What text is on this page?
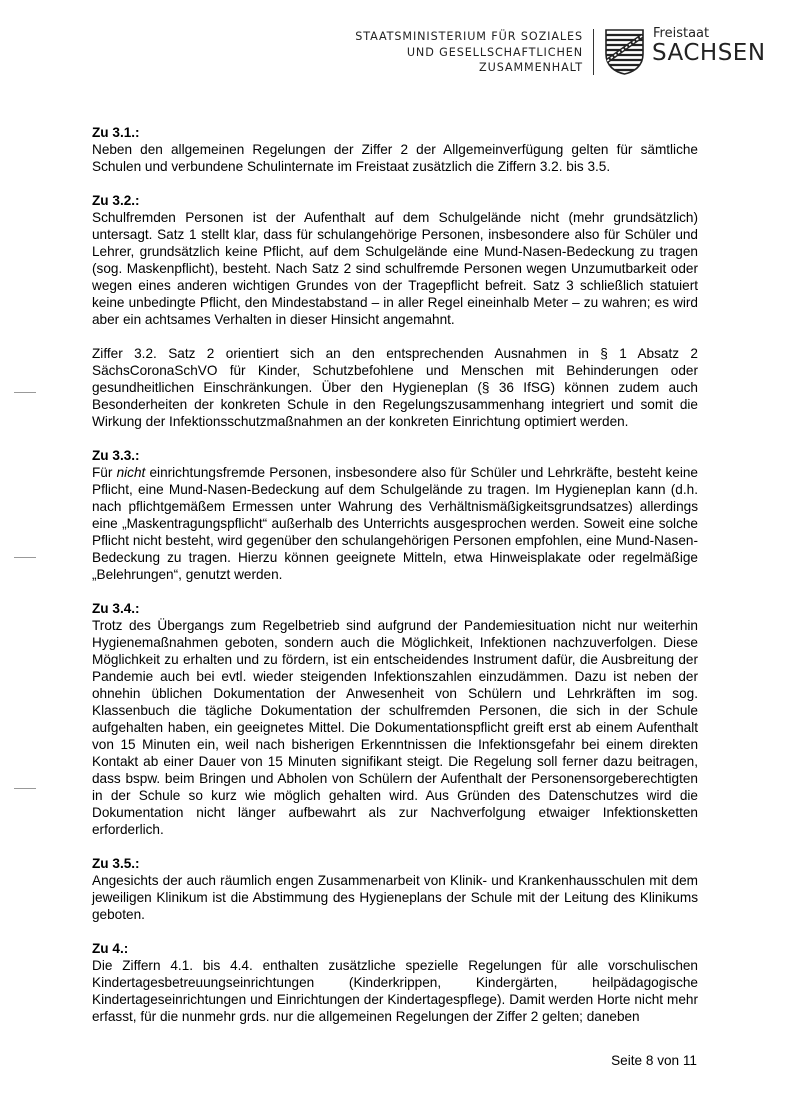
STAATSMINISTERIUM FÜR SOZIALES
UND GESELLSCHAFTLICHEN
ZUSAMMENHALT
Freistaat
SACHSEN
Zu 3.1.:

Neben den allgemeinen Regelungen der Ziffer 2 der Allgemeinverfügung gelten für sämtliche Schulen und verbundene Schulinternate im Freistaat zusätzlich die Ziffern 3.2. bis 3.5.

Zu 3.2.:

Schulfremden Personen ist der Aufenthalt auf dem Schulgelände nicht (mehr grundsätzlich) untersagt. Satz 1 stellt klar, dass für schulangehörige Personen, insbesondere also für Schüler und Lehrer, grundsätzlich keine Pflicht, auf dem Schulgelände eine Mund-Nasen-Bedeckung zu tragen (sog. Maskenpflicht), besteht. Nach Satz 2 sind schulfremde Personen wegen Unzumutbarkeit oder wegen eines anderen wichtigen Grundes von der Tragepflicht befreit. Satz 3 schließlich statuiert keine unbedingte Pflicht, den Mindestabstand – in aller Regel eineinhalb Meter – zu wahren; es wird aber ein achtsames Verhalten in dieser Hinsicht angemahnt.

Ziffer 3.2. Satz 2 orientiert sich an den entsprechenden Ausnahmen in § 1 Absatz 2 SächsCoronaSchVO für Kinder, Schutzbefohlene und Menschen mit Behinderungen oder gesundheitlichen Einschränkungen. Über den Hygieneplan (§ 36 IfSG) können zudem auch Besonderheiten der konkreten Schule in den Regelungszusammenhang integriert und somit die Wirkung der Infektionsschutzmaßnahmen an der konkreten Einrichtung optimiert werden.

Zu 3.3.:

Für nicht einrichtungsfremde Personen, insbesondere also für Schüler und Lehrkräfte, besteht keine Pflicht, eine Mund-Nasen-Bedeckung auf dem Schulgelände zu tragen. Im Hygieneplan kann (d.h. nach pflichtgemäßem Ermessen unter Wahrung des Verhältnismäßigkeitsgrundsatzes) allerdings eine „Maskentragungspflicht“ außerhalb des Unterrichts ausgesprochen werden. Soweit eine solche Pflicht nicht besteht, wird gegenüber den schulangehörigen Personen empfohlen, eine Mund-Nasen-Bedeckung zu tragen. Hierzu können geeignete Mitteln, etwa Hinweisplakate oder regelmäßige „Belehrungen“, genutzt werden.

Zu 3.4.:

Trotz des Übergangs zum Regelbetrieb sind aufgrund der Pandemiesituation nicht nur weiterhin Hygienemaßnahmen geboten, sondern auch die Möglichkeit, Infektionen nachzuverfolgen. Diese Möglichkeit zu erhalten und zu fördern, ist ein entscheidendes Instrument dafür, die Ausbreitung der Pandemie auch bei evtl. wieder steigenden Infektionszahlen einzudämmen. Dazu ist neben der ohnehin üblichen Dokumentation der Anwesenheit von Schülern und Lehrkräften im sog. Klassenbuch die tägliche Dokumentation der schulfremden Personen, die sich in der Schule aufgehalten haben, ein geeignetes Mittel. Die Dokumentationspflicht greift erst ab einem Aufenthalt von 15 Minuten ein, weil nach bisherigen Erkenntnissen die Infektionsgefahr bei einem direkten Kontakt ab einer Dauer von 15 Minuten signifikant steigt. Die Regelung soll ferner dazu beitragen, dass bspw. beim Bringen und Abholen von Schülern der Aufenthalt der Personensorgeberechtigten in der Schule so kurz wie möglich gehalten wird. Aus Gründen des Datenschutzes wird die Dokumentation nicht länger aufbewahrt als zur Nachverfolgung etwaiger Infektionsketten erforderlich.

Zu 3.5.:

Angesichts der auch räumlich engen Zusammenarbeit von Klinik- und Krankenhausschulen mit dem jeweiligen Klinikum ist die Abstimmung des Hygieneplans der Schule mit der Leitung des Klinikums geboten.

Zu 4.:

Die Ziffern 4.1. bis 4.4. enthalten zusätzliche spezielle Regelungen für alle vorschulischen Kindertagesbetreuungseinrichtungen (Kinderkrippen, Kindergärten, heilpädagogische Kindertageseinrichtungen und Einrichtungen der Kindertagespflege). Damit werden Horte nicht mehr erfasst, für die nunmehr grds. nur die allgemeinen Regelungen der Ziffer 2 gelten; daneben

Seite 8 von 11
